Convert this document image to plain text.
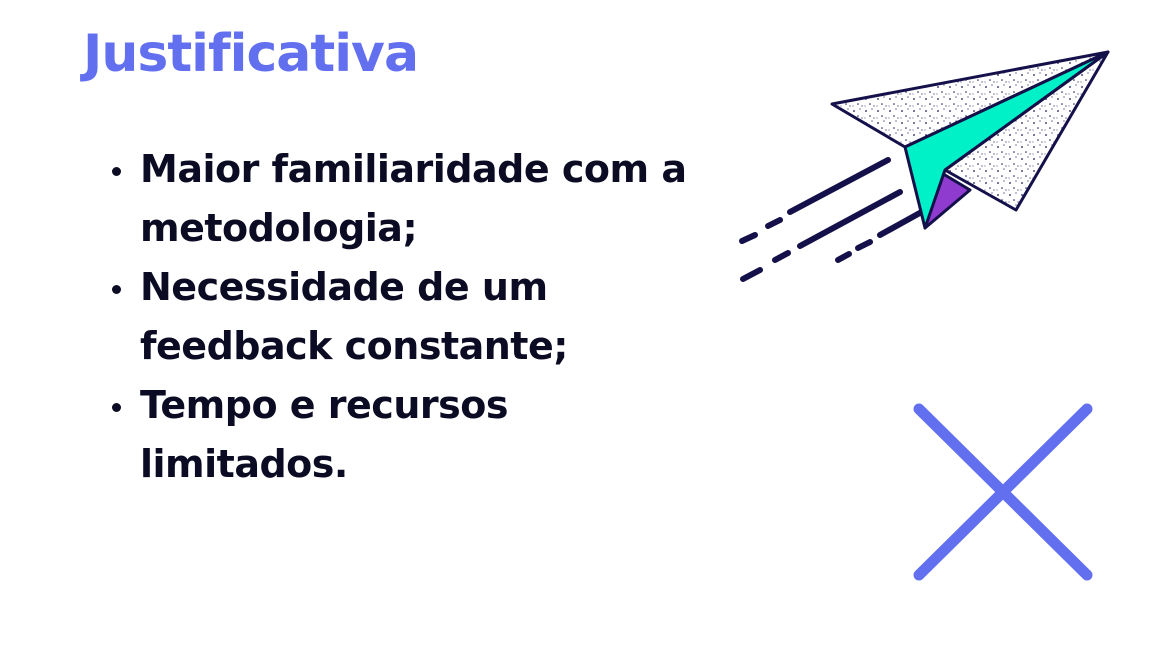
Justificativa
Maior familiaridade com a metodologia;
Necessidade de um feedback constante;
Tempo e recursos limitados.
